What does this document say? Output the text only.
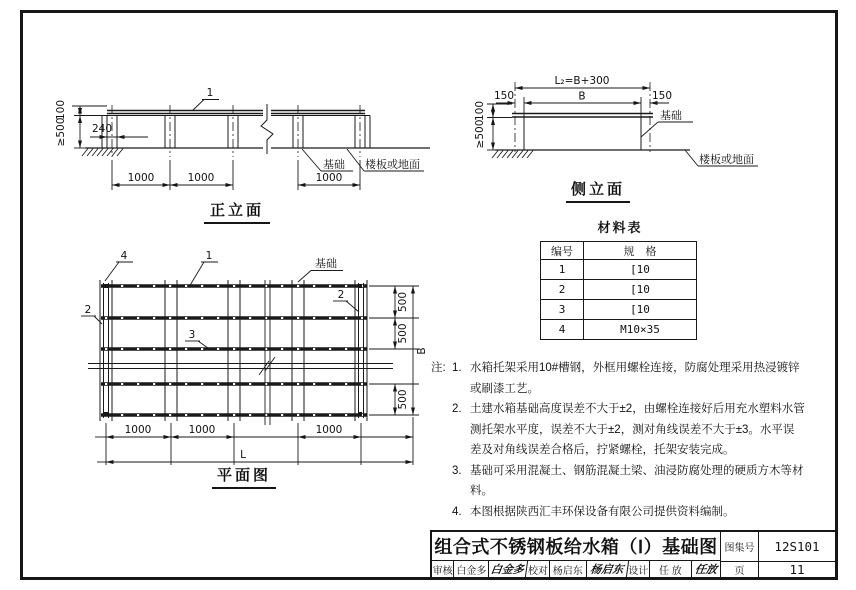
1
100
≥500 240
1000	1000	1000
基础 楼板或地面
正立面
L₂=B+300
B
150	150
100
≥500
基础
楼板或地面
侧立面
4	1
基础
2
3
2	500
500
500
B
1000	1000	1000
L
平面图
材料表
编号	规　格
1	[10
2	[10
3	[10
4	M10×35
注: 1. 水箱托架采用10#槽钢，外框用螺栓连接，防腐处理采用热浸镀锌或刷漆工艺。
2. 土建水箱基础高度误差不大于±2，由螺栓连接好后用充水塑料水管测托架水平度，误差不大于±2，测对角线误差不大于±3。水平误差及对角线误差合格后，拧紧螺栓，托架安装完成。
3. 基础可采用混凝土、钢筋混凝土梁、油浸防腐处理的硬质方木等材料。
4. 本图根据陕西汇丰环保设备有限公司提供资料编制。
组合式不锈钢板给水箱（Ⅰ）基础图
审核 白金多 白金多 校对 杨启东 杨启东 设计	任 放	任放
图集号	12S101
页	11
